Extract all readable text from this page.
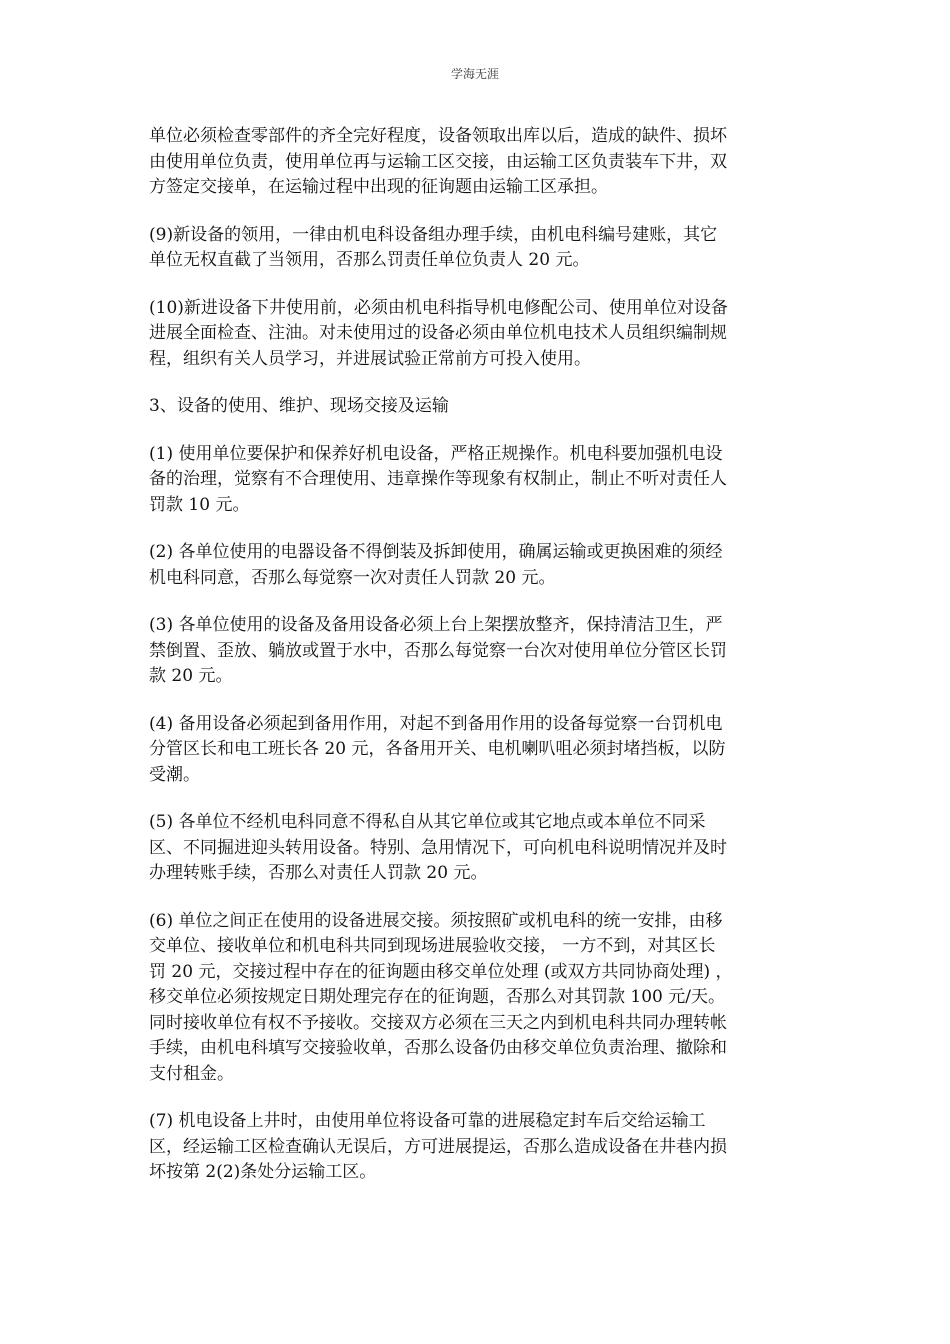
学海无涯

单位必须检查零部件的齐全完好程度，设备领取出库以后，造成的缺件、损坏
由使用单位负责，使用单位再与运输工区交接，由运输工区负责装车下井，双
方签定交接单，在运输过程中出现的征询题由运输工区承担。

(9)新设备的领用，一律由机电科设备组办理手续，由机电科编号建账，其它
单位无权直截了当领用，否那么罚责任单位负责人 20 元。

(10)新进设备下井使用前，必须由机电科指导机电修配公司、使用单位对设备
进展全面检查、注油。对未使用过的设备必须由单位机电技术人员组织编制规
程，组织有关人员学习，并进展试验正常前方可投入使用。

3、设备的使用、维护、现场交接及运输

(1) 使用单位要保护和保养好机电设备，严格正规操作。机电科要加强机电设
备的治理，觉察有不合理使用、违章操作等现象有权制止，制止不听对责任人
罚款 10 元。

(2) 各单位使用的电器设备不得倒装及拆卸使用，确属运输或更换困难的须经
机电科同意，否那么每觉察一次对责任人罚款 20 元。

(3) 各单位使用的设备及备用设备必须上台上架摆放整齐，保持清洁卫生，严
禁倒置、歪放、躺放或置于水中，否那么每觉察一台次对使用单位分管区长罚
款 20 元。

(4) 备用设备必须起到备用作用，对起不到备用作用的设备每觉察一台罚机电
分管区长和电工班长各 20 元，各备用开关、电机喇叭咀必须封堵挡板，以防
受潮。

(5) 各单位不经机电科同意不得私自从其它单位或其它地点或本单位不同采
区、不同掘进迎头转用设备。特别、急用情况下，可向机电科说明情况并及时
办理转账手续，否那么对责任人罚款 20 元。

(6) 单位之间正在使用的设备进展交接。须按照矿或机电科的统一安排，由移
交单位、接收单位和机电科共同到现场进展验收交接， 一方不到，对其区长
罚 20 元，交接过程中存在的征询题由移交单位处理 (或双方共同协商处理) ，
移交单位必须按规定日期处理完存在的征询题，否那么对其罚款 100 元/天。
同时接收单位有权不予接收。交接双方必须在三天之内到机电科共同办理转帐
手续，由机电科填写交接验收单，否那么设备仍由移交单位负责治理、撤除和
支付租金。

(7) 机电设备上井时，由使用单位将设备可靠的进展稳定封车后交给运输工
区，经运输工区检查确认无误后，方可进展提运，否那么造成设备在井巷内损
坏按第 2(2)条处分运输工区。
